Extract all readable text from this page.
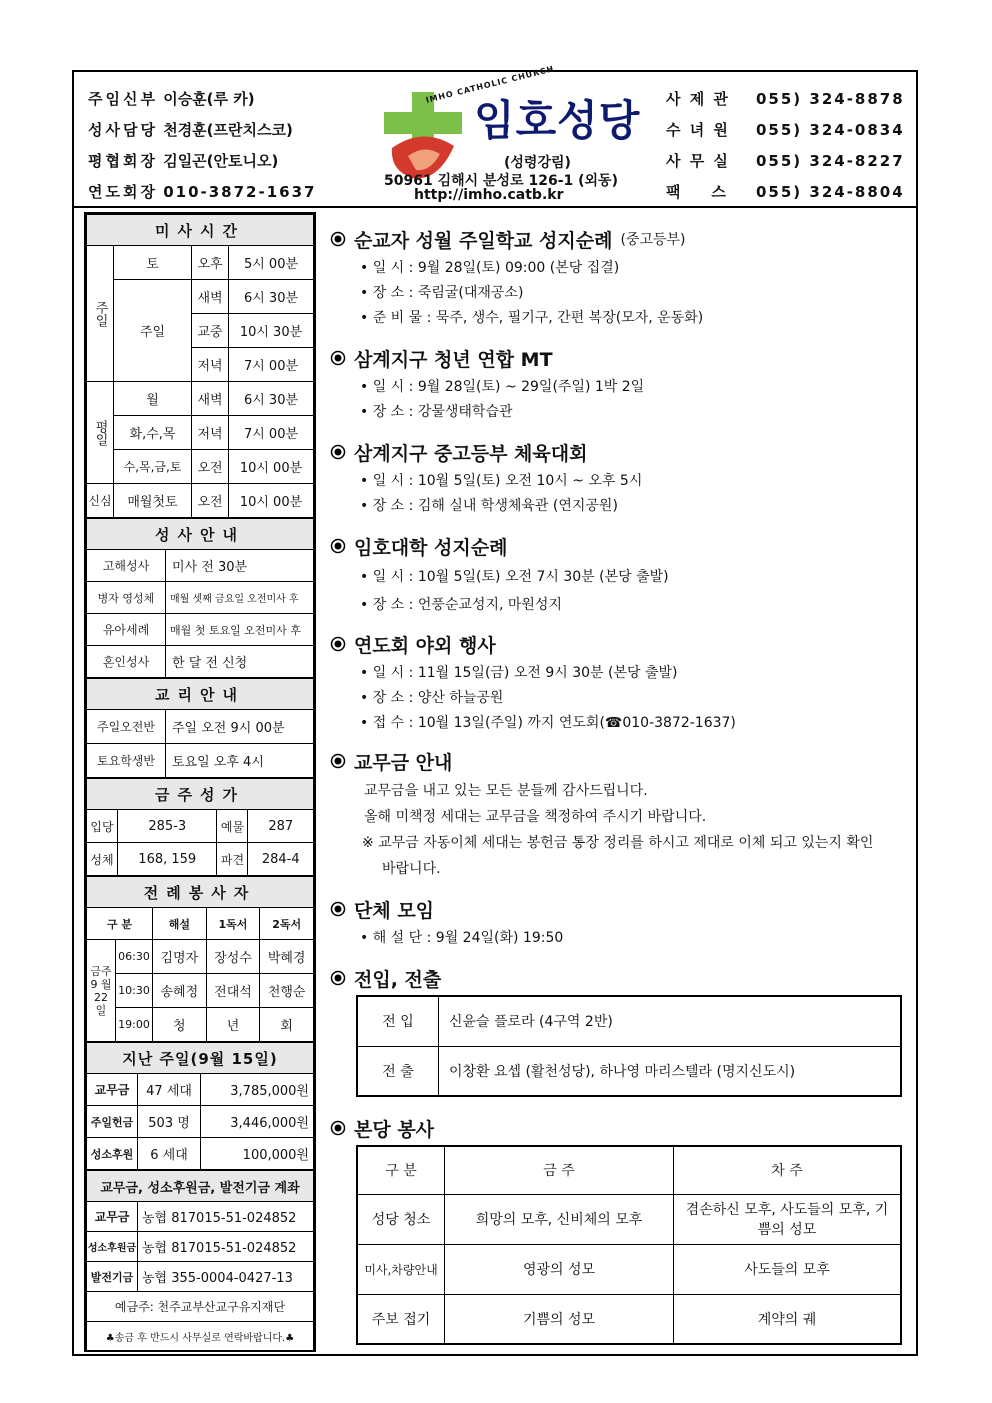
주임신부 이승훈(루 카)
성사담당 천경훈(프란치스코)
평협회장 김일곤(안토니오)
연도회장 010-3872-1637
IMHO CATHOLIC CHURCH
임호성당
(성령강림)
50961 김해시 분성로 126-1 (외동)
http://imho.catb.kr
사 제 관	055) 324-8878
수 녀 원	055) 324-0834
사 무 실	055) 324-8227
팩    스	055) 324-8804
미사시간			
주일	토	오후	5시 00분
	주일	새벽	6시 30분
		교중	10시 30분
		저녁	7시 00분
평일	월	새벽	6시 30분
	화,수,목	저녁	7시 00분
	수,목,금,토	오전	10시 00분
신심	매월첫토	오전	10시 00분
성사안내	
고해성사	미사 전 30분
병자 영성체	매월 셋째 금요일 오전미사 후
유아세례	매월 첫 토요일 오전미사 후
혼인성사	한 달 전 신청
교리안내	
주일오전반	주일 오전 9시 00분
토요학생반	토요일 오후 4시
금주성가			
입당	285-3	예물	287
성체	168, 159	파견	284-4
전례봉사자				
구 분		해설	1독서	2독서
금주 9 월 22 일	06:30	김명자	장성수	박혜경
	10:30	송혜정	전대석	천행순
	19:00	청	년	회
지난 주일(9월 15일)		
교무금	47 세대	3,785,000원
주일헌금	503 명	3,446,000원
성소후원	6 세대	100,000원
교무금, 성소후원금, 발전기금 계좌	
교무금	농협 817015-51-024852
성소후원금	농협 817015-51-024852
발전기금	농협 355-0004-0427-13
예금주: 천주교부산교구유지재단	
♣송금 후 반드시 사무실로 연락바랍니다.♣	
순교자 성월 주일학교 성지순례 (중고등부)
• 일 시 : 9월 28일(토) 09:00 (본당 집결)
• 장 소 : 죽림굴(대재공소)
• 준 비 물 : 묵주, 생수, 필기구, 간편 복장(모자, 운동화)
삼계지구 청년 연합 MT
• 일 시 : 9월 28일(토) ~ 29일(주일) 1박 2일
• 장 소 : 강물생태학습관
삼계지구 중고등부 체육대회
• 일 시 : 10월 5일(토) 오전 10시 ~ 오후 5시
• 장 소 : 김해 실내 학생체육관 (연지공원)
임호대학 성지순례
• 일 시 : 10월 5일(토) 오전 7시 30분 (본당 출발)
• 장 소 : 언풍순교성지, 마원성지
연도회 야외 행사
• 일 시 : 11월 15일(금) 오전 9시 30분 (본당 출발)
• 장 소 : 양산 하늘공원
• 접 수 : 10월 13일(주일) 까지 연도회(☎010-3872-1637)
교무금 안내
교무금을 내고 있는 모든 분들께 감사드립니다.
올해 미책정 세대는 교무금을 책정하여 주시기 바랍니다.
※ 교무금 자동이체 세대는 봉헌금 통장 정리를 하시고 제대로 이체 되고 있는지 확인 바랍니다.
단체 모임
• 해 설 단 : 9월 24일(화) 19:50
전입, 전출
전 입	신윤슬 플로라 (4구역 2반)
전 출	이창환 요셉 (활천성당), 하나영 마리스텔라 (명지신도시)
본당 봉사
구 분	금 주	차 주
성당 청소	희망의 모후, 신비체의 모후	겸손하신 모후, 사도들의 모후, 기쁨의 성모
미사,차량안내	영광의 성모	사도들의 모후
주보 접기	기쁨의 성모	계약의 궤
